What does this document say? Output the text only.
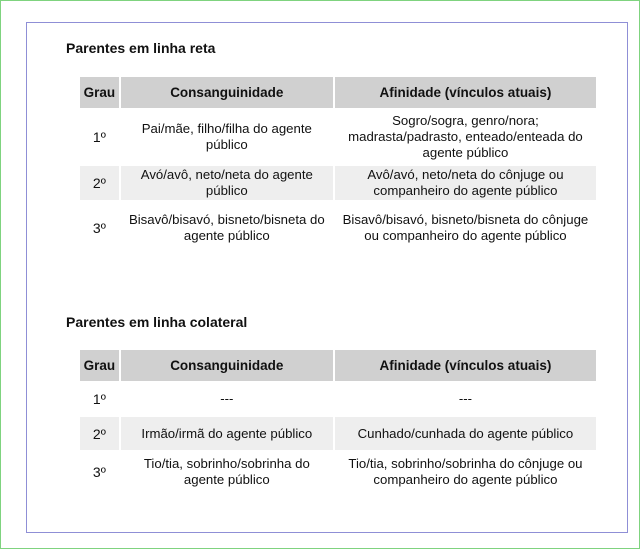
Parentes em linha reta
Grau	Consanguinidade	Afinidade (vínculos atuais)
1º	Pai/mãe, filho/filha do agente público	Sogro/sogra, genro/nora; madrasta/padrasto, enteado/enteada do agente público
2º	Avó/avô, neto/neta do agente público	Avô/avó, neto/neta do cônjuge ou companheiro do agente público
3º	Bisavô/bisavó, bisneto/bisneta do agente público	Bisavô/bisavó, bisneto/bisneta do cônjuge ou companheiro do agente público
Parentes em linha colateral
Grau	Consanguinidade	Afinidade (vínculos atuais)
1º	---	---
2º	Irmão/irmã do agente público	Cunhado/cunhada do agente público
3º	Tio/tia, sobrinho/sobrinha do agente público	Tio/tia, sobrinho/sobrinha do cônjuge ou companheiro do agente público
